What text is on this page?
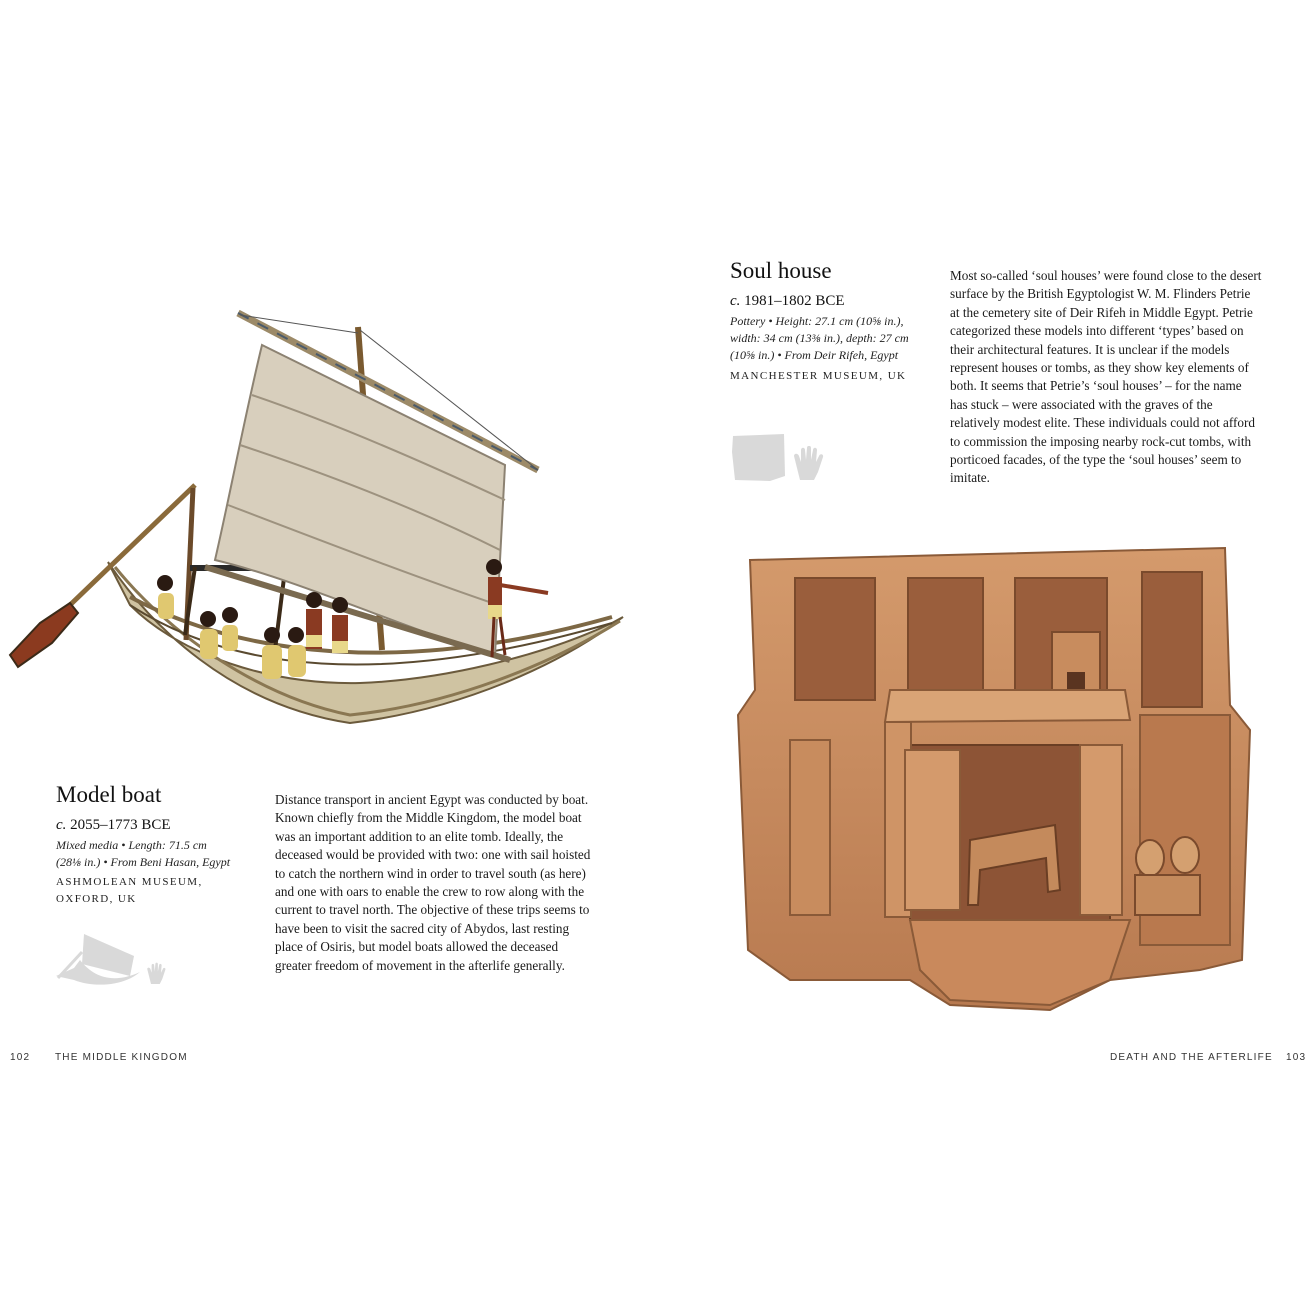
Soul house
c. 1981–1802 BCE
Pottery • Height: 27.1 cm (10⅝ in.),
width: 34 cm (13⅜ in.), depth: 27 cm
(10⅝ in.) • From Deir Rifeh, Egypt
MANCHESTER MUSEUM, UK
Most so-called ‘soul houses’ were found close to the desert surface by the British Egyptologist W. M. Flinders Petrie at the cemetery site of Deir Rifeh in Middle Egypt. Petrie categorized these models into different ‘types’ based on their architectural features. It is unclear if the models represent houses or tombs, as they show key elements of both. It seems that Petrie’s ‘soul houses’ – for the name has stuck – were associated with the graves of the relatively modest elite. These individuals could not afford to commission the imposing nearby rock-cut tombs, with porticoed facades, of the type the ‘soul houses’ seem to imitate.
Model boat
c. 2055–1773 BCE
Mixed media • Length: 71.5 cm
(28⅛ in.) • From Beni Hasan, Egypt
ASHMOLEAN MUSEUM,
OXFORD, UK
Distance transport in ancient Egypt was conducted by boat. Known chiefly from the Middle Kingdom, the model boat was an important addition to an elite tomb. Ideally, the deceased would be provided with two: one with sail hoisted to catch the northern wind in order to travel south (as here) and one with oars to enable the crew to row along with the current to travel north. The objective of these trips seems to have been to visit the sacred city of Abydos, last resting place of Osiris, but model boats allowed the deceased greater freedom of movement in the afterlife generally.
102 THE MIDDLE KINGDOM	DEATH AND THE AFTERLIFE 103
